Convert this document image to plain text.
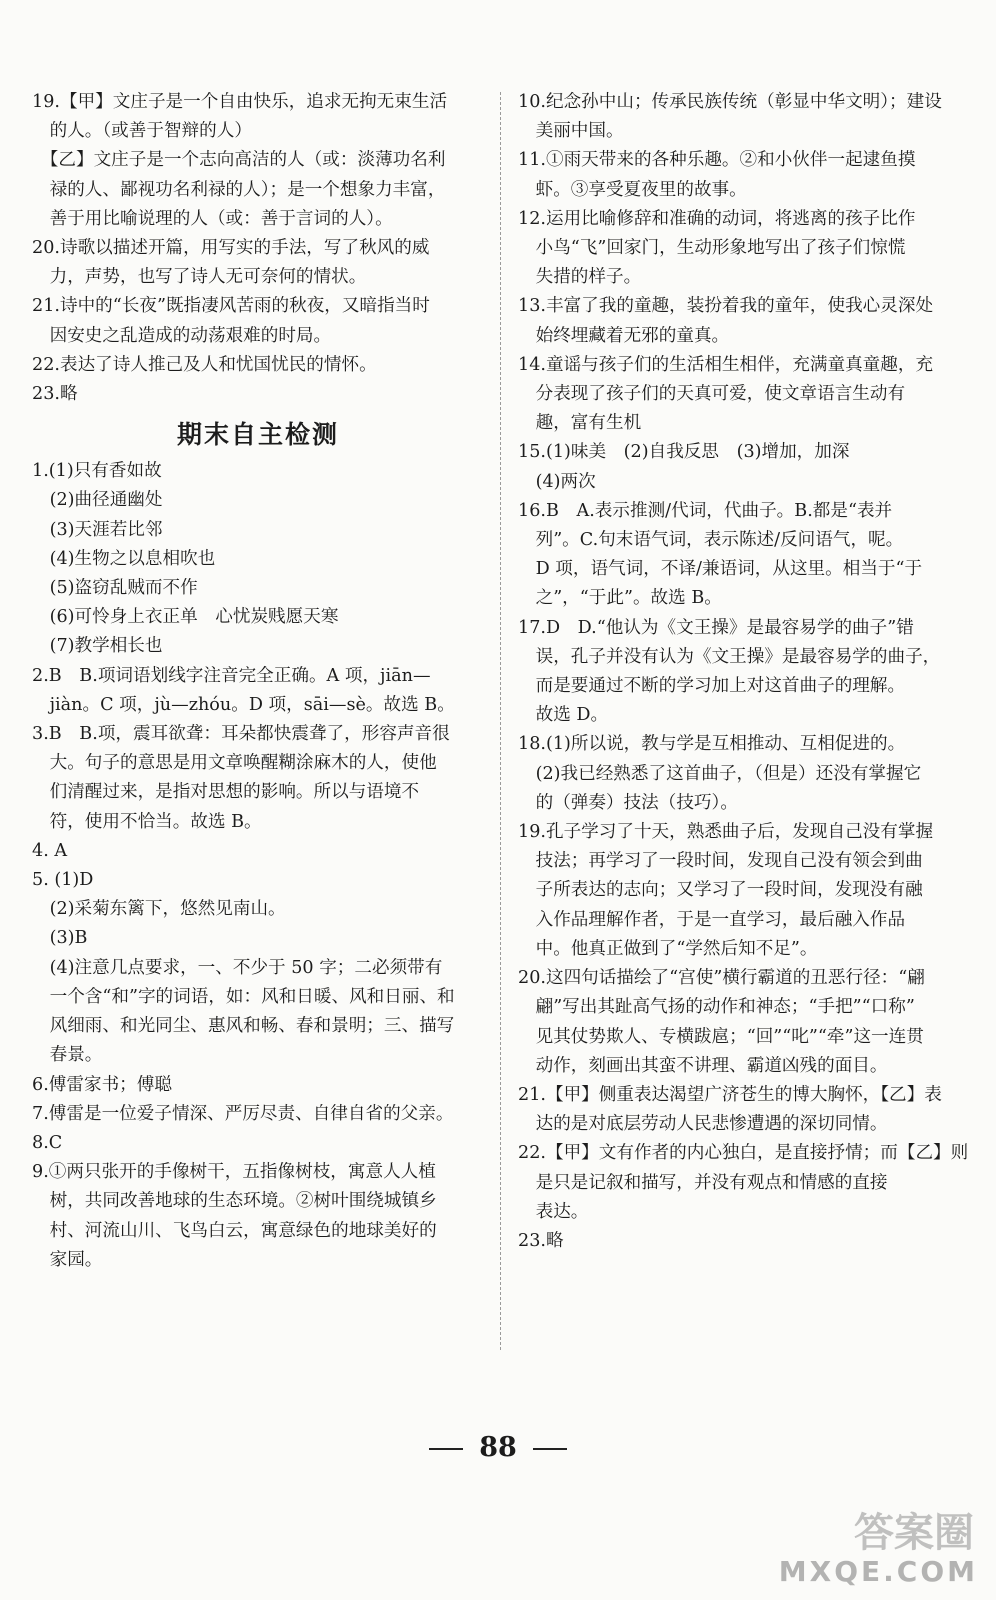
19.【甲】文庄子是一个自由快乐，追求无拘无束生活
　的人。（或善于智辩的人）
　【乙】文庄子是一个志向高洁的人（或：淡薄功名利
　禄的人、鄙视功名利禄的人）；是一个想象力丰富，
　善于用比喻说理的人（或：善于言词的人）。
20.诗歌以描述开篇，用写实的手法，写了秋风的威
　力，声势，也写了诗人无可奈何的情状。
21.诗中的“长夜”既指凄风苦雨的秋夜，又暗指当时
　因安史之乱造成的动荡艰难的时局。
22.表达了诗人推己及人和忧国忧民的情怀。
23.略
期末自主检测
1.(1)只有香如故
　(2)曲径通幽处
　(3)天涯若比邻
　(4)生物之以息相吹也
　(5)盗窃乱贼而不作
　(6)可怜身上衣正单　心忧炭贱愿天寒
　(7)教学相长也
2.B　B.项词语划线字注音完全正确。A 项，jiān—
　jiàn。C 项，jù—zhóu。D 项，sāi—sè。故选 B。
3.B　B.项，震耳欲聋：耳朵都快震聋了，形容声音很
　大。句子的意思是用文章唤醒糊涂麻木的人，使他
　们清醒过来，是指对思想的影响。所以与语境不
　符，使用不恰当。故选 B。
4. A
5. (1)D
　(2)采菊东篱下，悠然见南山。
　(3)B
　(4)注意几点要求，一、不少于 50 字；二必须带有
　一个含“和”字的词语，如：风和日暖、风和日丽、和
　风细雨、和光同尘、惠风和畅、春和景明；三、描写
　春景。
6.傅雷家书；傅聪
7.傅雷是一位爱子情深、严厉尽责、自律自省的父亲。
8.C
9.①两只张开的手像树干，五指像树枝，寓意人人植
　树，共同改善地球的生态环境。②树叶围绕城镇乡
　村、河流山川、飞鸟白云，寓意绿色的地球美好的
　家园。
10.纪念孙中山；传承民族传统（彰显中华文明）；建设
　美丽中国。
11.①雨天带来的各种乐趣。②和小伙伴一起逮鱼摸
　虾。③享受夏夜里的故事。
12.运用比喻修辞和准确的动词，将逃离的孩子比作
　小鸟“飞”回家门，生动形象地写出了孩子们惊慌
　失措的样子。
13.丰富了我的童趣，装扮着我的童年，使我心灵深处
　始终埋藏着无邪的童真。
14.童谣与孩子们的生活相生相伴，充满童真童趣，充
　分表现了孩子们的天真可爱，使文章语言生动有
　趣，富有生机
15.(1)味美　(2)自我反思　(3)增加，加深
　(4)两次
16.B　A.表示推测/代词，代曲子。B.都是“表并
　列”。C.句末语气词，表示陈述/反问语气，呢。
　D 项，语气词，不译/兼语词，从这里。相当于“于
　之”，“于此”。故选 B。
17.D　D.“他认为《文王操》是最容易学的曲子”错
　误，孔子并没有认为《文王操》是最容易学的曲子，
　而是要通过不断的学习加上对这首曲子的理解。
　故选 D。
18.(1)所以说，教与学是互相推动、互相促进的。
　(2)我已经熟悉了这首曲子，（但是）还没有掌握它
　的（弹奏）技法（技巧）。
19.孔子学习了十天，熟悉曲子后，发现自己没有掌握
　技法；再学习了一段时间，发现自己没有领会到曲
　子所表达的志向；又学习了一段时间，发现没有融
　入作品理解作者，于是一直学习，最后融入作品
　中。他真正做到了“学然后知不足”。
20.这四句话描绘了“宫使”横行霸道的丑恶行径：“翩
　翩”写出其趾高气扬的动作和神态；“手把”“口称”
　见其仗势欺人、专横跋扈；“回”“叱”“牵”这一连贯
　动作，刻画出其蛮不讲理、霸道凶残的面目。
21.【甲】侧重表达渴望广济苍生的博大胸怀，【乙】表
　达的是对底层劳动人民悲惨遭遇的深切同情。
22.【甲】文有作者的内心独白，是直接抒情；而【乙】则
　是只是记叙和描写，并没有观点和情感的直接
　表达。
23.略
88
答案圈
MXQE.COM
